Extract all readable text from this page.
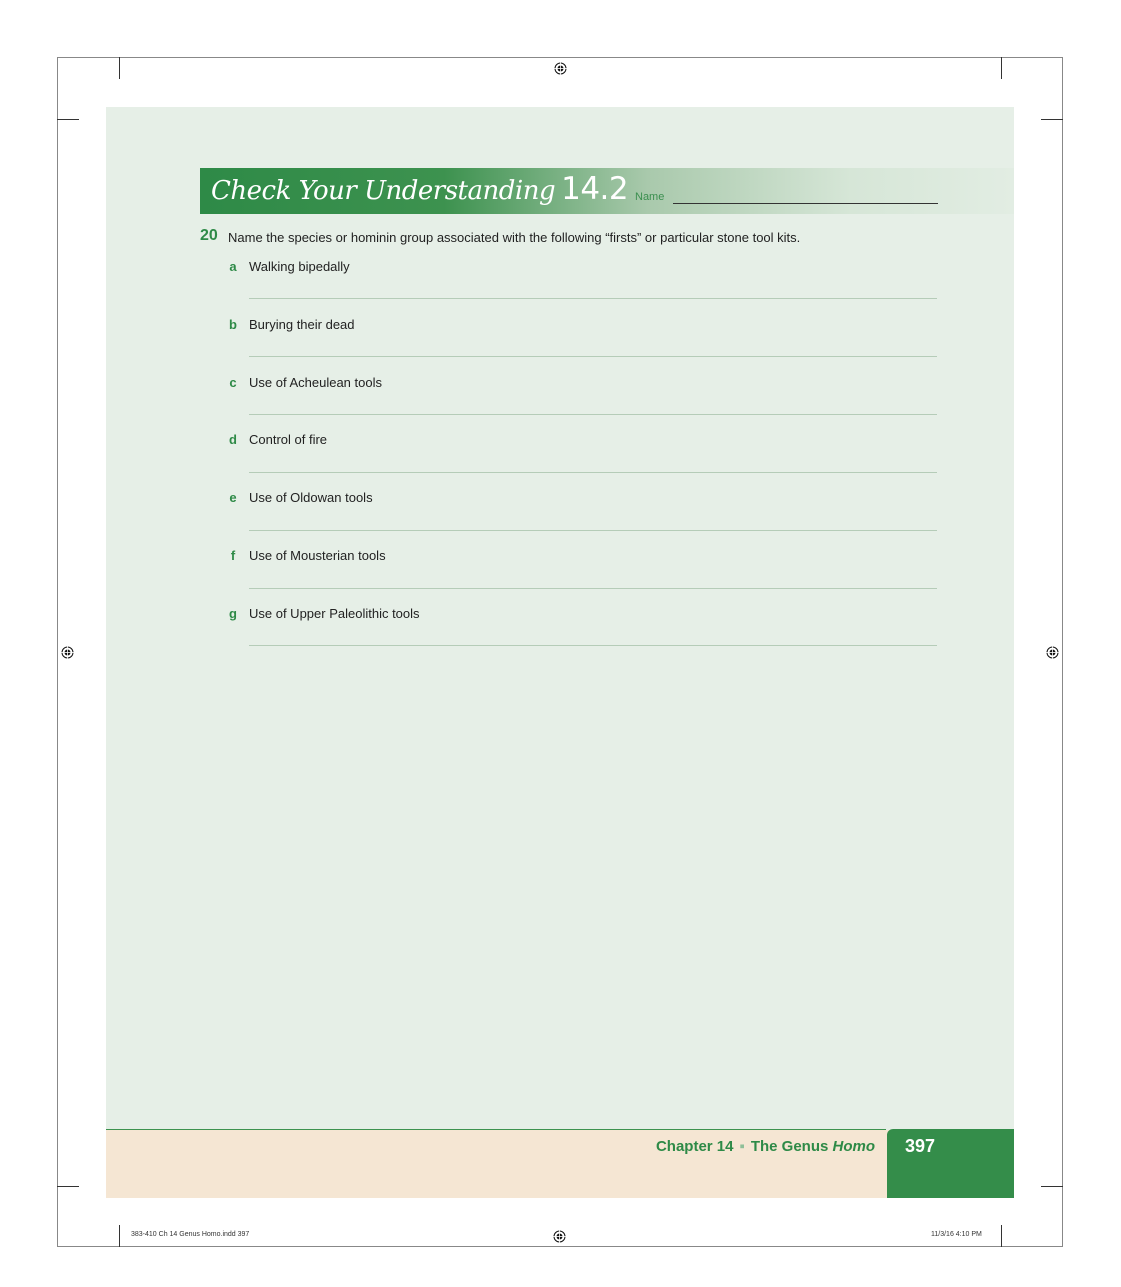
Check Your Understanding 14.2 Name
20 Name the species or hominin group associated with the following “firsts” or particular stone tool kits.
a Walking bipedally
b Burying their dead
c Use of Acheulean tools
d Control of fire
e Use of Oldowan tools
f	Use of Mousterian tools
g Use of Upper Paleolithic tools
Chapter 14 ▪ The Genus Homo 397
383-410 Ch 14 Genus Homo.indd 397	11/3/16 4:10 PM
